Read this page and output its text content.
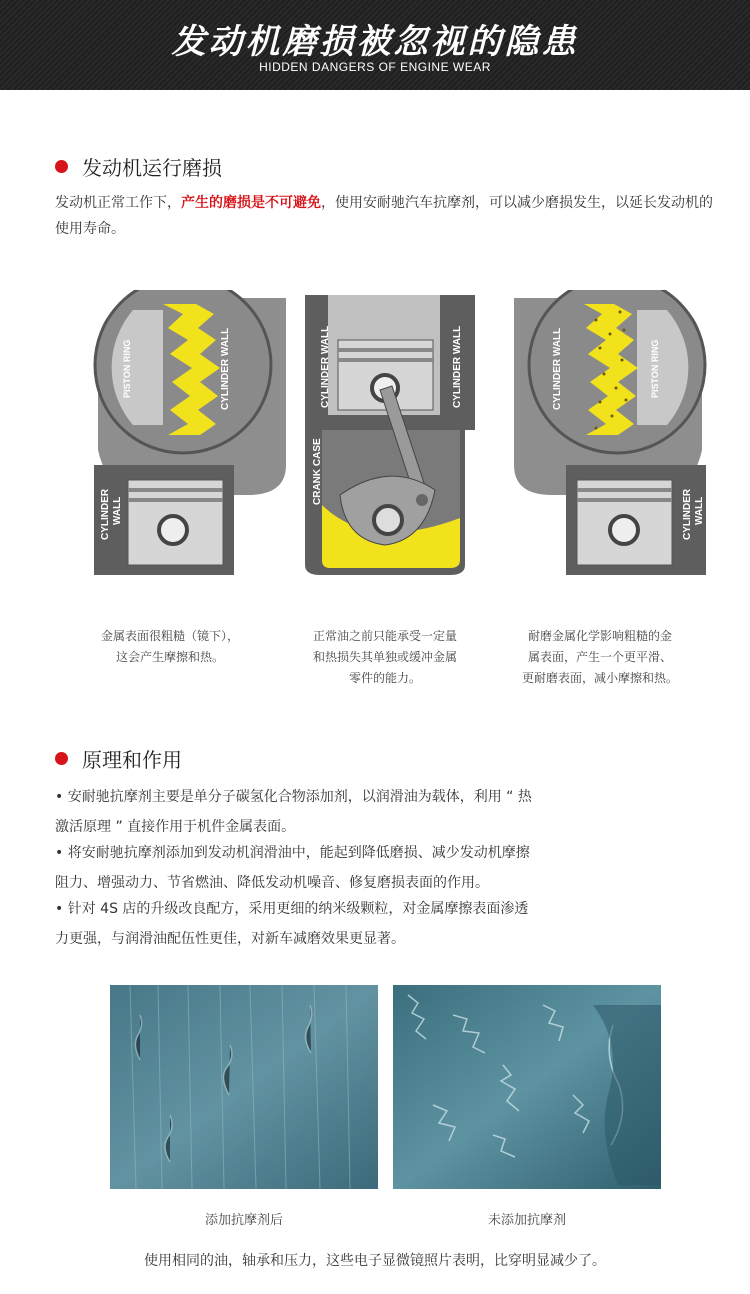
发动机磨损被忽视的隐患
HIDDEN DANGERS OF ENGINE WEAR
发动机运行磨损
发动机正常工作下，产生的磨损是不可避免，使用安耐驰汽车抗摩剂，可以减少磨损发生，以延长发动机的使用寿命。
PISTON RING	CYLINDER WALL
CYLINDER WALL
CYLINDER WALL	CYLINDER WALL
CRANK CASE
CYLINDER WALL	PISTON RING
CYLINDER WALL
金属表面很粗糙（镜下），
这会产生摩擦和热。
正常油之前只能承受一定量
和热损失其单独或缓冲金属
零件的能力。
耐磨金属化学影响粗糙的金
属表面，产生一个更平滑、
更耐磨表面，减小摩擦和热。
原理和作用
• 安耐驰抗摩剂主要是单分子碳氢化合物添加剂，以润滑油为载体，利用 “ 热
激活原理 ” 直接作用于机件金属表面。
• 将安耐驰抗摩剂添加到发动机润滑油中，能起到降低磨损、减少发动机摩擦
阻力、增强动力、节省燃油、降低发动机噪音、修复磨损表面的作用。
• 针对 4S 店的升级改良配方，采用更细的纳米级颗粒，对金属摩擦表面渗透
力更强，与润滑油配伍性更佳，对新车减磨效果更显著。
添加抗摩剂后	未添加抗摩剂
使用相同的油，轴承和压力，这些电子显微镜照片表明，比穿明显减少了。
